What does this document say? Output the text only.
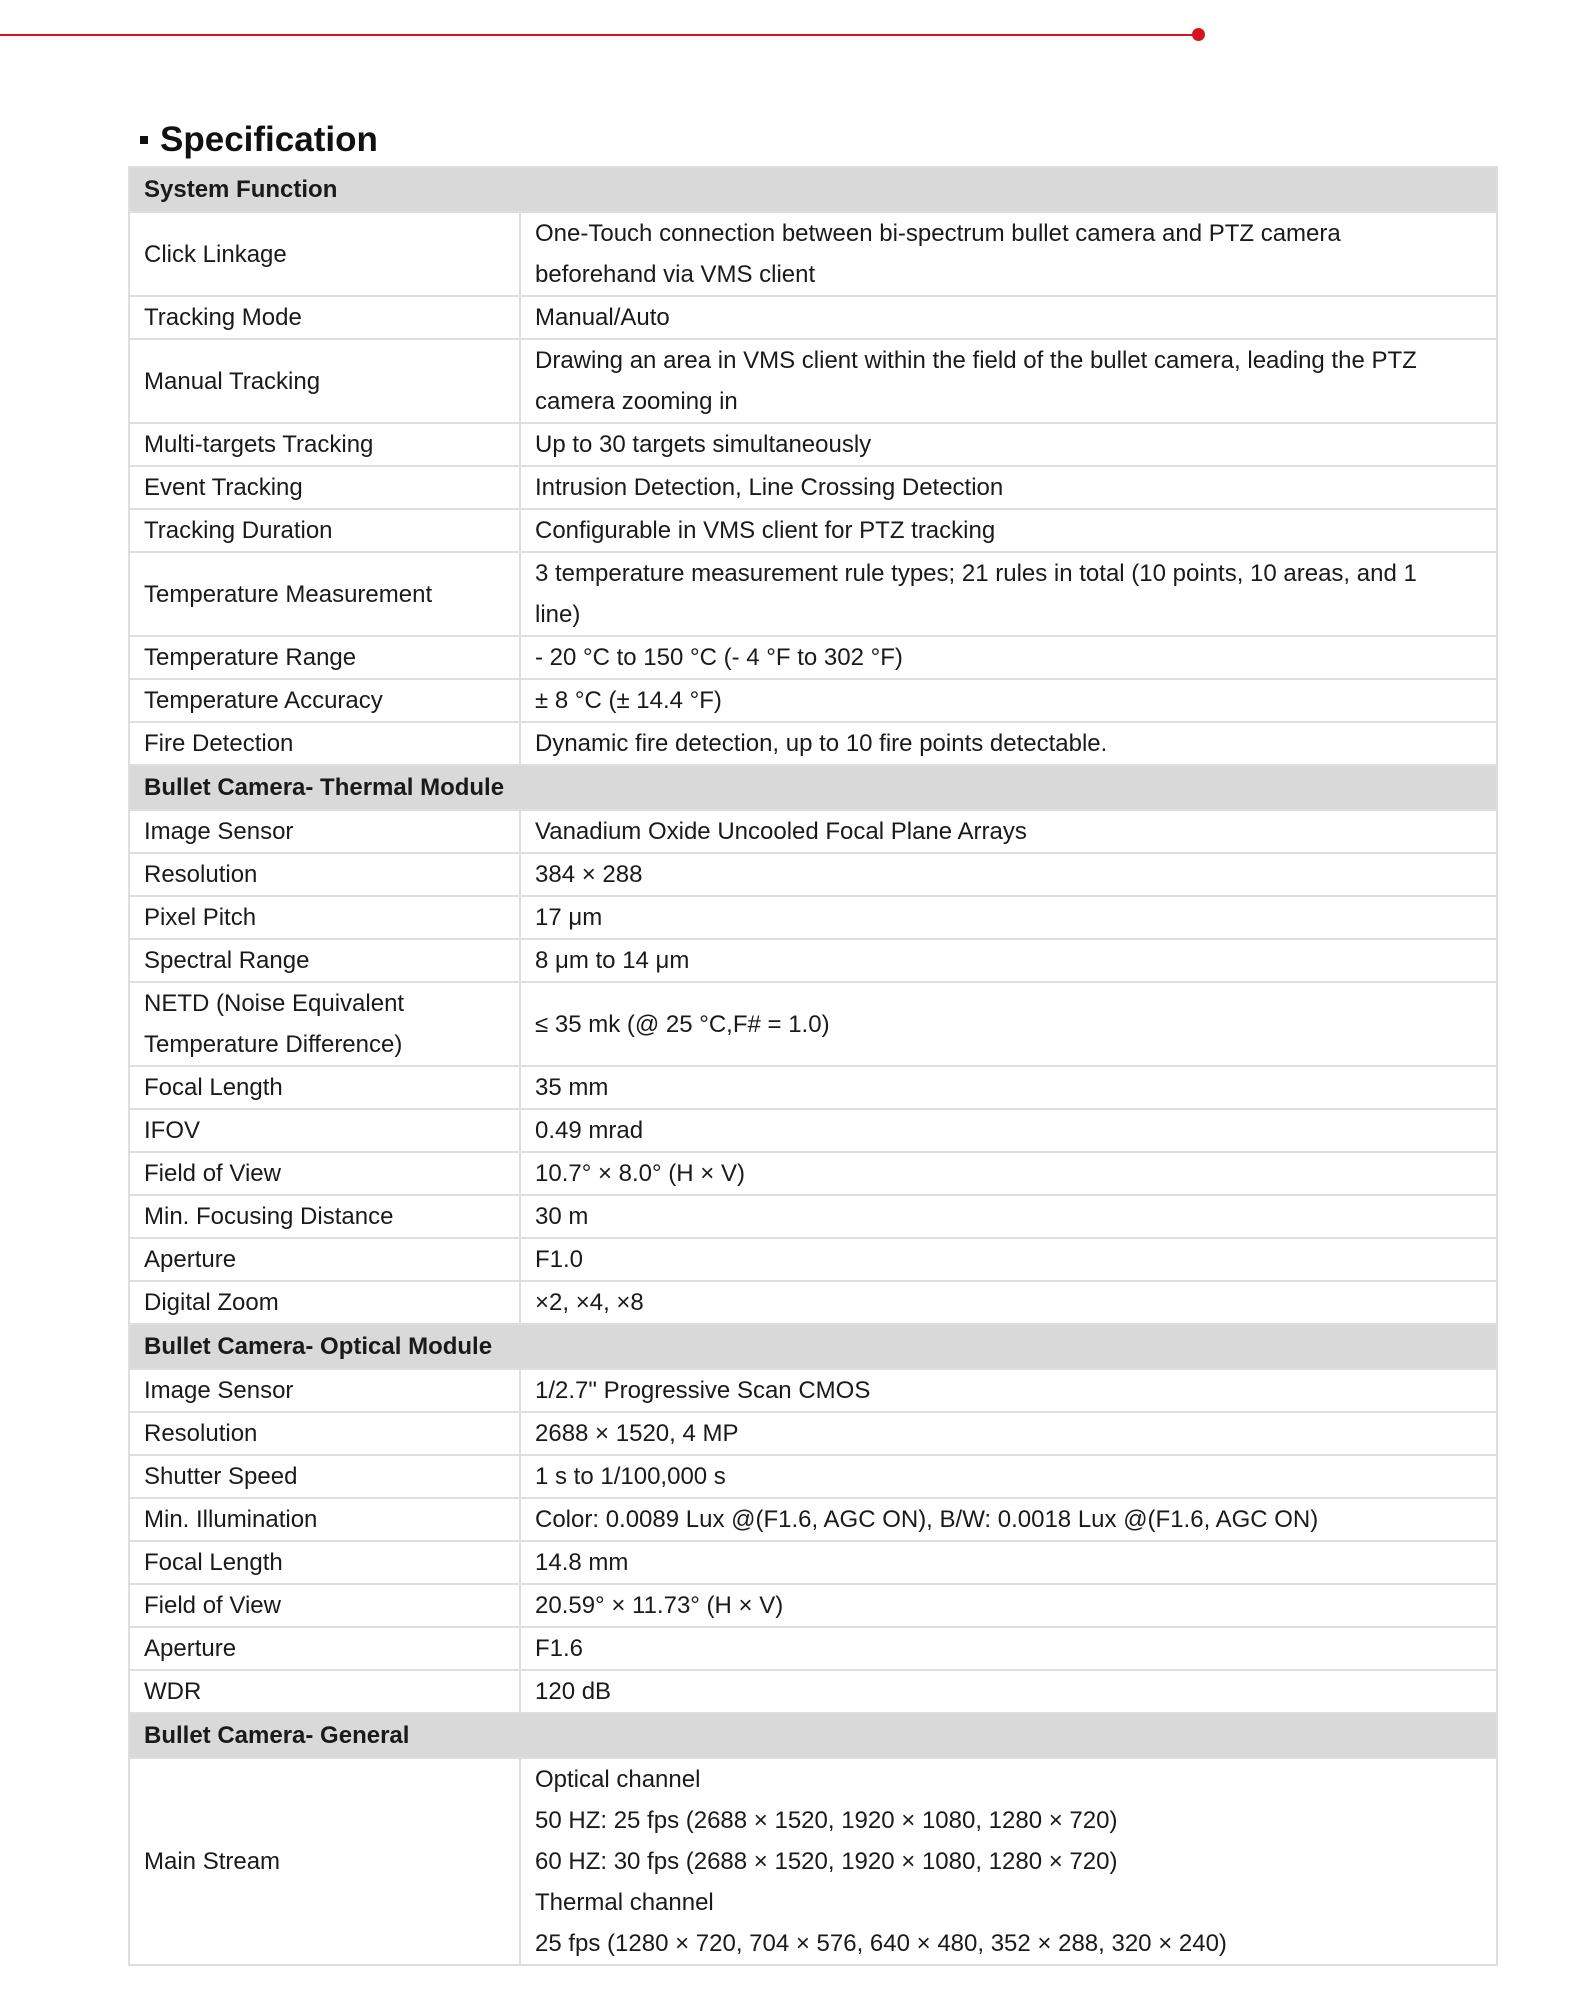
Specification
System Function	
Click Linkage	One-Touch connection between bi-spectrum bullet camera and PTZ camera
beforehand via VMS client

Tracking Mode	Manual/Auto

Manual Tracking	Drawing an area in VMS client within the field of the bullet camera, leading the PTZ
camera zooming in

Multi-targets Tracking	Up to 30 targets simultaneously

Event Tracking	Intrusion Detection, Line Crossing Detection

Tracking Duration	Configurable in VMS client for PTZ tracking

Temperature Measurement	3 temperature measurement rule types; 21 rules in total (10 points, 10 areas, and 1
line)

Temperature Range	- 20 °C to 150 °C (- 4 °F to 302 °F)

Temperature Accuracy	± 8 °C (± 14.4 °F)

Fire Detection	Dynamic fire detection, up to 10 fire points detectable.

Bullet Camera- Thermal Module	
Image Sensor	Vanadium Oxide Uncooled Focal Plane Arrays

Resolution	384 × 288

Pixel Pitch	17 μm

Spectral Range	8 μm to 14 μm

NETD (Noise Equivalent Temperature Difference)	≤ 35 mk (@ 25 °C,F# = 1.0)

Focal Length	35 mm

IFOV	0.49 mrad

Field of View	10.7° × 8.0° (H × V)

Min. Focusing Distance	30 m

Aperture	F1.0

Digital Zoom	×2, ×4, ×8

Bullet Camera- Optical Module	
Image Sensor	1/2.7" Progressive Scan CMOS

Resolution	2688 × 1520, 4 MP

Shutter Speed	1 s to 1/100,000 s

Min. Illumination	Color: 0.0089 Lux @(F1.6, AGC ON), B/W: 0.0018 Lux @(F1.6, AGC ON)

Focal Length	14.8 mm

Field of View	20.59° × 11.73° (H × V)

Aperture	F1.6

WDR	120 dB

Bullet Camera- General	
Main Stream	Optical channel
50 HZ: 25 fps (2688 × 1520, 1920 × 1080, 1280 × 720)
60 HZ: 30 fps (2688 × 1520, 1920 × 1080, 1280 × 720)
Thermal channel
25 fps (1280 × 720, 704 × 576, 640 × 480, 352 × 288, 320 × 240)
